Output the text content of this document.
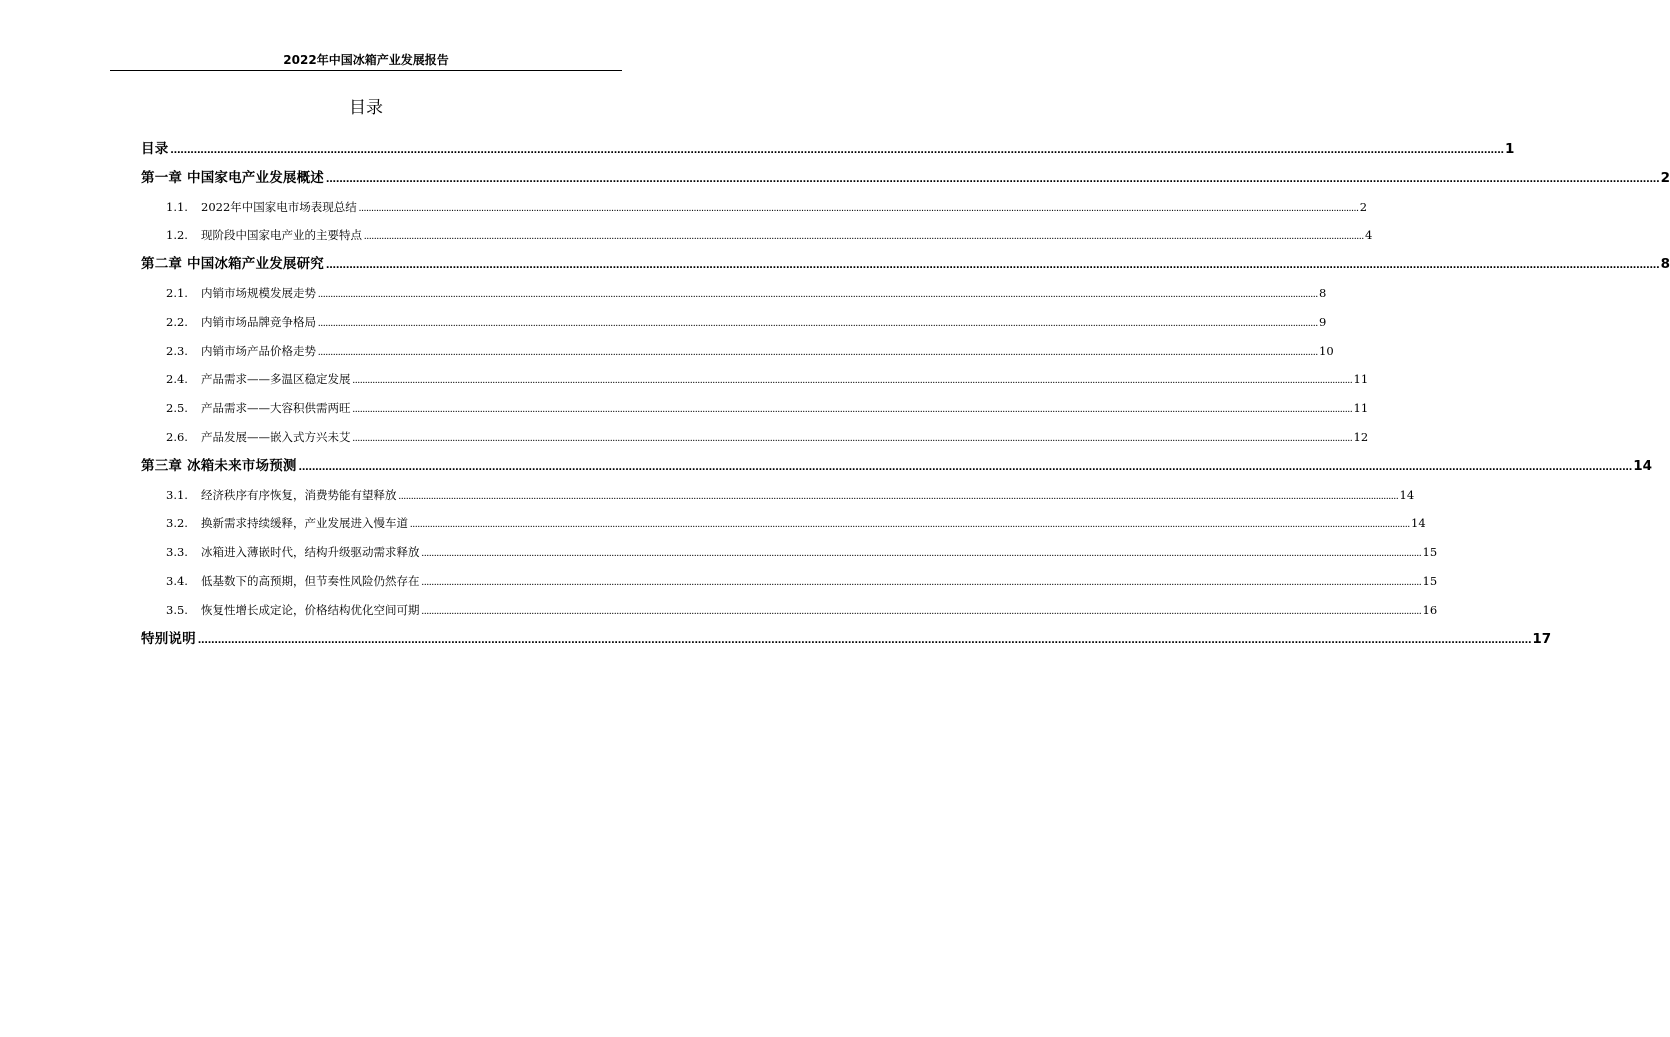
2022年中国冰箱产业发展报告
目录
目录 ................................................................................................................................................................................................................................................................................................................................................................................................................ 1
第一章 中国家电产业发展概述 ................................................................................................................................................................................................................................................................................................................................................................................................................ 2
1.1.	2022年中国家电市场表现总结 ................................................................................................................................................................................................................................................................................................................................................................................................................ 2
1.2.	现阶段中国家电产业的主要特点 ................................................................................................................................................................................................................................................................................................................................................................................................................ 4
第二章 中国冰箱产业发展研究 ................................................................................................................................................................................................................................................................................................................................................................................................................ 8
2.1.	内销市场规模发展走势 ................................................................................................................................................................................................................................................................................................................................................................................................................ 8
2.2.	内销市场品牌竞争格局 ................................................................................................................................................................................................................................................................................................................................................................................................................ 9
2.3.	内销市场产品价格走势 ................................................................................................................................................................................................................................................................................................................................................................................................................ 10
2.4.	产品需求——多温区稳定发展 ................................................................................................................................................................................................................................................................................................................................................................................................................ 11
2.5.	产品需求——大容积供需两旺 ................................................................................................................................................................................................................................................................................................................................................................................................................ 11
2.6.	产品发展——嵌入式方兴未艾 ................................................................................................................................................................................................................................................................................................................................................................................................................ 12
第三章 冰箱未来市场预测 ................................................................................................................................................................................................................................................................................................................................................................................................................ 14
3.1.	经济秩序有序恢复，消费势能有望释放 ................................................................................................................................................................................................................................................................................................................................................................................................................ 14
3.2.	换新需求持续缓释，产业发展进入慢车道 ................................................................................................................................................................................................................................................................................................................................................................................................................ 14
3.3.	冰箱进入薄嵌时代，结构升级驱动需求释放 ................................................................................................................................................................................................................................................................................................................................................................................................................ 15
3.4.	低基数下的高预期，但节奏性风险仍然存在 ................................................................................................................................................................................................................................................................................................................................................................................................................ 15
3.5.	恢复性增长成定论，价格结构优化空间可期 ................................................................................................................................................................................................................................................................................................................................................................................................................ 16
特别说明 ................................................................................................................................................................................................................................................................................................................................................................................................................ 17
